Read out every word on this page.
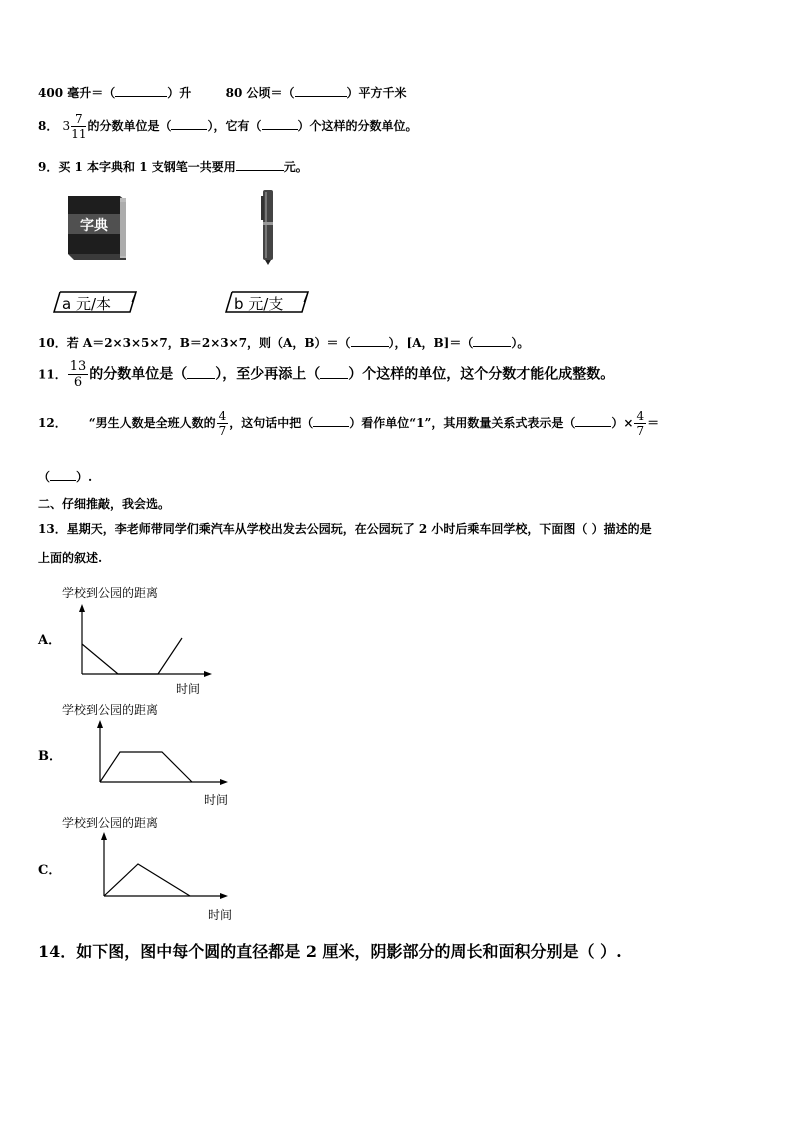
400 毫升＝（	）升	80 公顷＝（	）平方千米
8． $3 \frac{7}{11}$ 的分数单位是（	），它有（	）个这样的分数单位。
9．买 1 本字典和 1 支钢笔一共要用	元。
字典
a 元/本	b 元/支
10．若 A＝2×3×5×7，B＝2×3×7，则（A，B）＝（	），[A，B]＝（	）。
11． $\frac{13}{6}$ 的分数单位是（ ），至少再添上（ ）个这样的单位，这个分数才能化成整数。
12． “男生人数是全班人数的 $\frac{4}{7}$ ，这句话中把（	）看作单位“1”，其用数量关系式表示是（	）× $\frac{4}{7}$ ＝
（ ）.
二、仔细推敲，我会选。
13．星期天，李老师带同学们乘汽车从学校出发去公园玩，在公园玩了 2 小时后乘车回学校，下面图（ ）描述的是
上面的叙述.
A．
学校到公园的距离
时间
B．
学校到公园的距离
时间
C．
学校到公园的距离
时间
14．如下图，图中每个圆的直径都是 2 厘米，阴影部分的周长和面积分别是（ ）.
